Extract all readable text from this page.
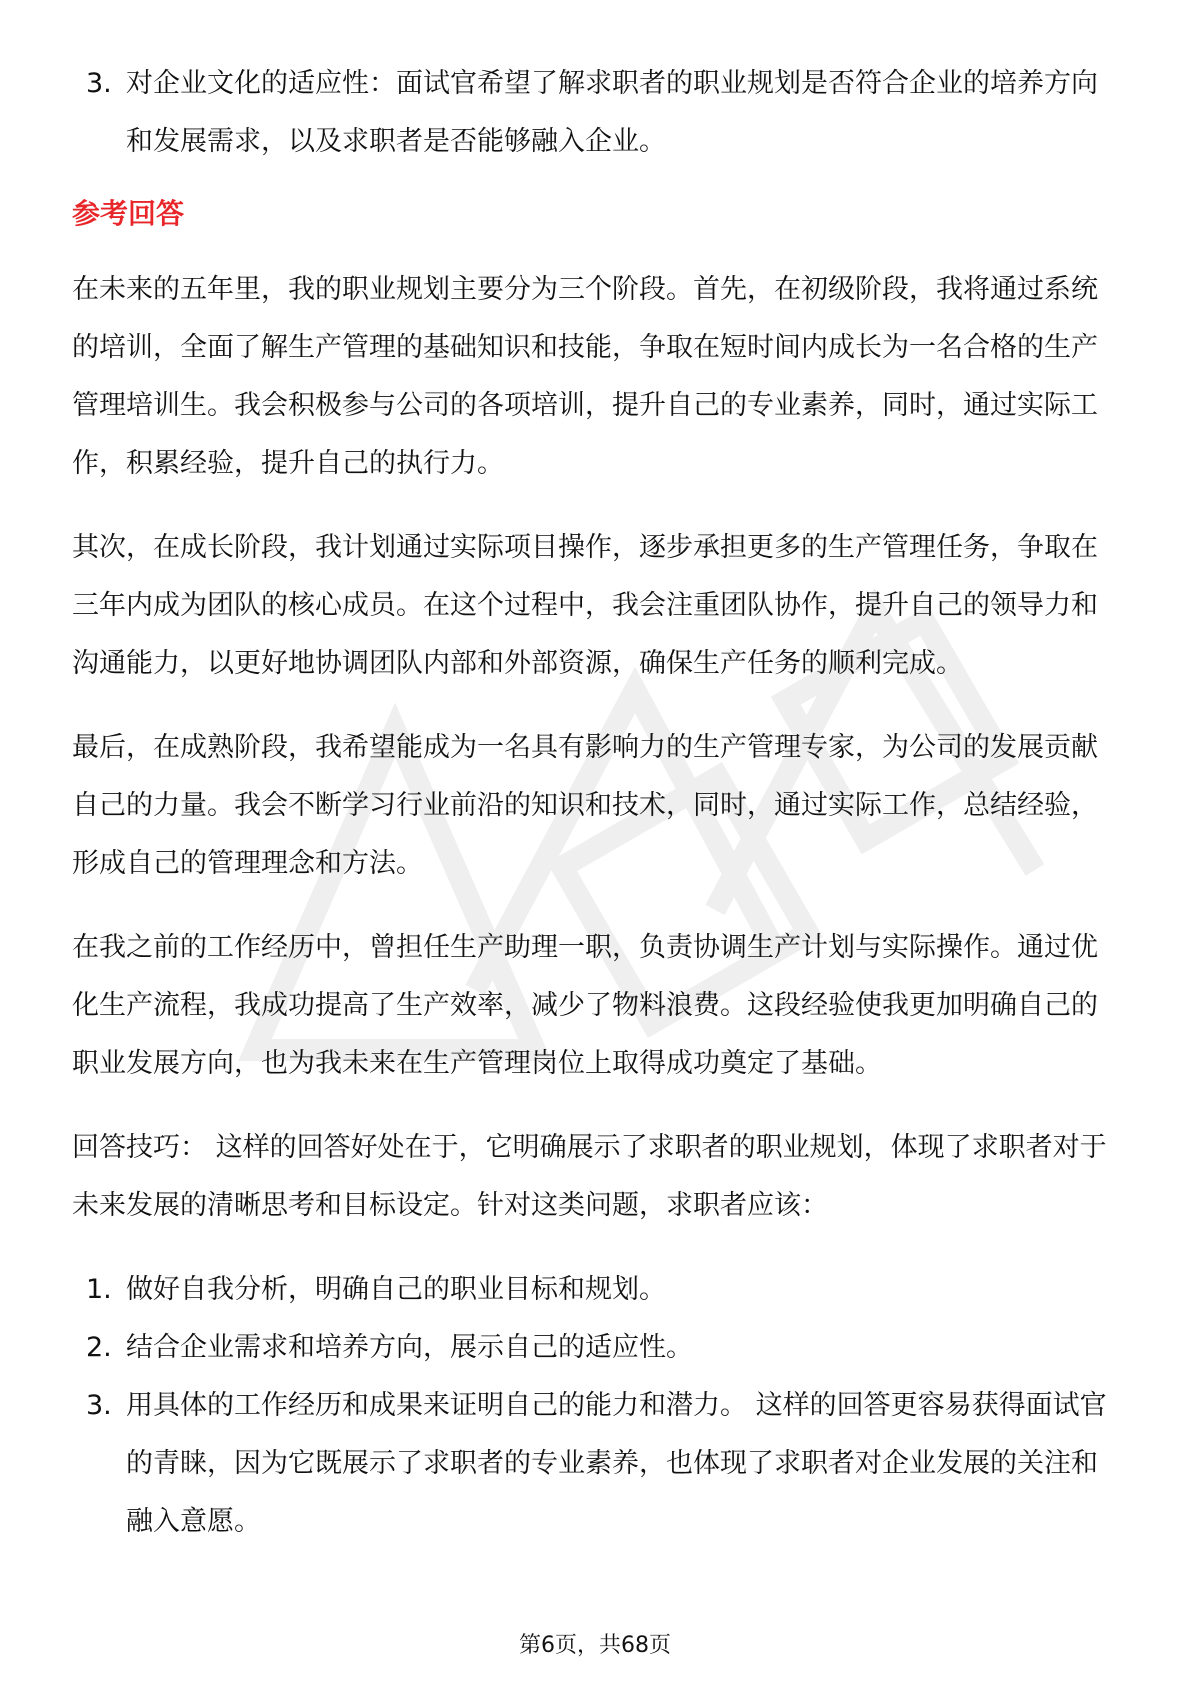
3. 对企业文化的适应性：面试官希望了解求职者的职业规划是否符合企业的培养方向和发展需求，以及求职者是否能够融入企业。
参考回答

在未来的五年里，我的职业规划主要分为三个阶段。首先，在初级阶段，我将通过系统的培训，全面了解生产管理的基础知识和技能，争取在短时间内成长为一名合格的生产管理培训生。我会积极参与公司的各项培训，提升自己的专业素养，同时，通过实际工作，积累经验，提升自己的执行力。

其次，在成长阶段，我计划通过实际项目操作，逐步承担更多的生产管理任务，争取在三年内成为团队的核心成员。在这个过程中，我会注重团队协作，提升自己的领导力和沟通能力，以更好地协调团队内部和外部资源，确保生产任务的顺利完成。

最后，在成熟阶段，我希望能成为一名具有影响力的生产管理专家，为公司的发展贡献自己的力量。我会不断学习行业前沿的知识和技术，同时，通过实际工作，总结经验，形成自己的管理理念和方法。

在我之前的工作经历中，曾担任生产助理一职，负责协调生产计划与实际操作。通过优化生产流程，我成功提高了生产效率，减少了物料浪费。这段经验使我更加明确自己的职业发展方向，也为我未来在生产管理岗位上取得成功奠定了基础。

回答技巧： 这样的回答好处在于，它明确展示了求职者的职业规划，体现了求职者对于未来发展的清晰思考和目标设定。针对这类问题，求职者应该：

1. 做好自我分析，明确自己的职业目标和规划。
2. 结合企业需求和培养方向，展示自己的适应性。
3. 用具体的工作经历和成果来证明自己的能力和潜力。 这样的回答更容易获得面试官的青睐，因为它既展示了求职者的专业素养，也体现了求职者对企业发展的关注和融入意愿。
第6页，共68页
